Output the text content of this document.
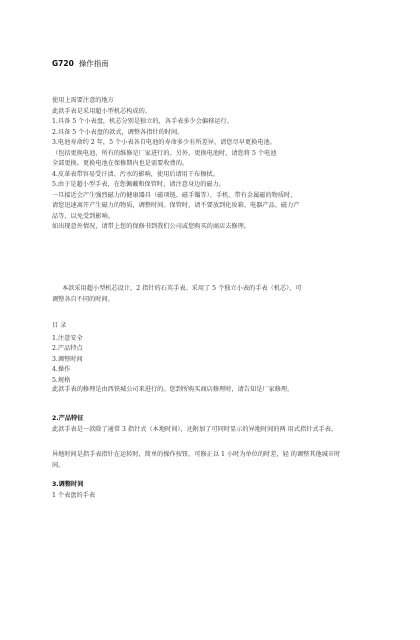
G720 操作指南

使用上需要注意的地方

此款手表是采用超小型机芯构成的。

1.具备 5 个小表盘，机芯分别是独立的，各手表多少会偏移运行。

2.具备 5 个小表盘的款式，调整各指针的时间。

3.电池寿命约 2 年，5 个小表各自电池的寿命多少有所差异，请您尽早更换电池。

（包括更换电池，所有的维修是厂家进行的。另外，更换电池时，请您将 5 个电池

全部更换。更换电池在保修期内也是需要收费的。

4.皮革表带容易受汗渍、污水的影响，使用后请用干布擦拭。

5.由于是超小型手表，在您佩戴和保管时，请注意身边的磁力。

一旦接近会产生强烈磁力的健康器具（磁项链、磁手镯等）、手机、带有金属磁的物质时，

请您迅速离开产生磁力的物质，调整时间。保管时，请不要放到化妆箱、电器产品、磁力产

品等，以免受到影响。

如出现意外情况，请带上您的保修书到我们公司或您购买的商店去修理。

本款采用超小型机芯设计，2 指针的石英手表。采用了 5 个独立小表的手表（机芯），可

调整各自不同的时间。

目 录

1.注意安全

2.产品特点

3.调整时间

4.操作

5.规格

此款手表的修理是由西铁城公司来进行的。您到所购买商店修理时，请告知是厂家修理。

2.产品特征

此款手表是一款除了通常 3 指针式（本地时间），还附加了可同时显示的异地时间的两 用式指针式手表。

异地时间是指手表指针在运转时，简单的操作按钮，可修正以 1 小时为单位的时差，轻 的调整其他城市时

间。

3.调整时间

1 个表盘的手表
